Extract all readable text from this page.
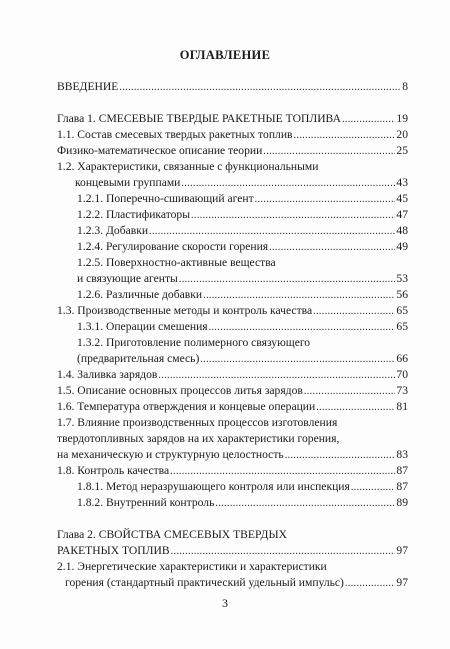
ОГЛАВЛЕНИЕ
ВВЕДЕНИЕ .....	8
Глава 1. СМЕСЕВЫЕ ТВЕРДЫЕ РАКЕТНЫЕ ТОПЛИВА .....	19
1.1. Состав смесевых твердых ракетных топлив .....	20
Физико-математическое описание теории .....	25
1.2. Характеристики, связанные с функциональными
концевыми группами .....	43
1.2.1. Поперечно-сшивающий агент .....	45
1.2.2. Пластификаторы .....	47
1.2.3. Добавки .....	48
1.2.4. Регулирование скорости горения .....	49
1.2.5. Поверхностно-активные вещества
и связующие агенты .....	53
1.2.6. Различные добавки .....	56
1.3. Производственные методы и контроль качества .....	65
1.3.1. Операции смешения .....	65
1.3.2. Приготовление полимерного связующего
(предварительная смесь) .....	66
1.4. Заливка зарядов .....	70
1.5. Описание основных процессов литья зарядов .....	73
1.6. Температура отверждения и концевые операции .....	81
1.7. Влияние производственных процессов изготовления
твердотопливных зарядов на их характеристики горения,
на механическую и структурную целостность .....	83
1.8. Контроль качества .....	87
1.8.1. Метод неразрушающего контроля или инспекция .....	87
1.8.2. Внутренний контроль .....	89
Глава 2. СВОЙСТВА СМЕСЕВЫХ ТВЕРДЫХ
РАКЕТНЫХ ТОПЛИВ .....	97
2.1. Энергетические характеристики и характеристики
горения (стандартный практический удельный импульс) .....	97
3
